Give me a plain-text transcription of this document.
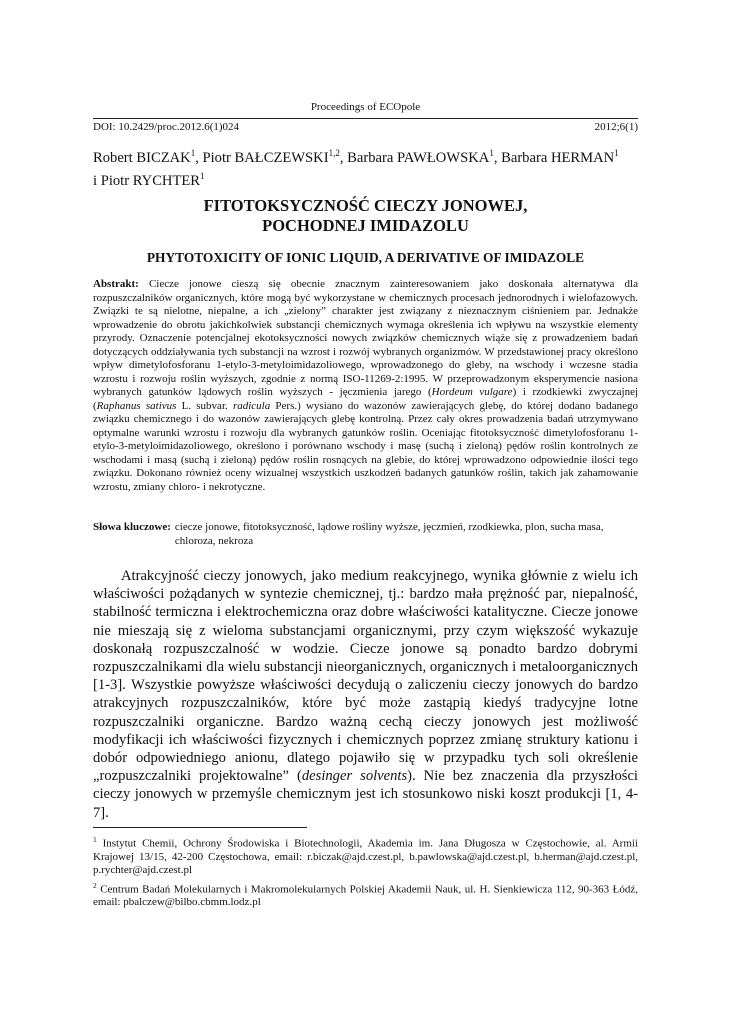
Proceedings of ECOpole
DOI: 10.2429/proc.2012.6(1)024	2012;6(1)
Robert BICZAK$^1$, Piotr BAŁCZEWSKI$^{1,2}$, Barbara PAWŁOWSKA$^1$, Barbara HERMAN$^1$
i Piotr RYCHTER$^1$
FITOTOKSYCZNOŚĆ CIECZY JONOWEJ,
POCHODNEJ IMIDAZOLU
PHYTOTOXICITY OF IONIC LIQUID, A DERIVATIVE OF IMIDAZOLE
Abstrakt: Ciecze jonowe cieszą się obecnie znacznym zainteresowaniem jako doskonała alternatywa dla rozpuszczalników organicznych, które mogą być wykorzystane w chemicznych procesach jednorodnych i wielofazowych. Związki te są nielotne, niepalne, a ich „zielony” charakter jest związany z nieznacznym ciśnieniem par. Jednakże wprowadzenie do obrotu jakichkolwiek substancji chemicznych wymaga określenia ich wpływu na wszystkie elementy przyrody. Oznaczenie potencjalnej ekotoksyczności nowych związków chemicznych wiąże się z prowadzeniem badań dotyczących oddziaływania tych substancji na wzrost i rozwój wybranych organizmów. W przedstawionej pracy określono wpływ dimetylofosforanu 1-etylo-3-metyloimidazoliowego, wprowadzonego do gleby, na wschody i wczesne stadia wzrostu i rozwoju roślin wyższych, zgodnie z normą ISO-11269-2:1995. W przeprowadzonym eksperymencie nasiona wybranych gatunków lądowych roślin wyższych - jęczmienia jarego (Hordeum vulgare) i rzodkiewki zwyczajnej (Raphanus sativus L. subvar. radicula Pers.) wysiano do wazonów zawierających glebę, do której dodano badanego związku chemicznego i do wazonów zawierających glebę kontrolną. Przez cały okres prowadzenia badań utrzymywano optymalne warunki wzrostu i rozwoju dla wybranych gatunków roślin. Oceniając fitotoksyczność dimetylofosforanu 1-etylo-3-metyloimidazoliowego, określono i porównano wschody i masę (suchą i zieloną) pędów roślin kontrolnych ze wschodami i masą (suchą i zieloną) pędów roślin rosnących na glebie, do której wprowadzono odpowiednie ilości tego związku. Dokonano również oceny wizualnej wszystkich uszkodzeń badanych gatunków roślin, takich jak zahamowanie wzrostu, zmiany chloro- i nekrotyczne.
Słowa kluczowe: ciecze jonowe, fitotoksyczność, lądowe rośliny wyższe, jęczmień, rzodkiewka, plon, sucha masa, chloroza, nekroza
Atrakcyjność cieczy jonowych, jako medium reakcyjnego, wynika głównie z wielu ich właściwości pożądanych w syntezie chemicznej, tj.: bardzo mała prężność par, niepalność, stabilność termiczna i elektrochemiczna oraz dobre właściwości katalityczne. Ciecze jonowe nie mieszają się z wieloma substancjami organicznymi, przy czym większość wykazuje doskonałą rozpuszczalność w wodzie. Ciecze jonowe są ponadto bardzo dobrymi rozpuszczalnikami dla wielu substancji nieorganicznych, organicznych i metaloorganicznych [1-3]. Wszystkie powyższe właściwości decydują o zaliczeniu cieczy jonowych do bardzo atrakcyjnych rozpuszczalników, które być może zastąpią kiedyś tradycyjne lotne rozpuszczalniki organiczne. Bardzo ważną cechą cieczy jonowych jest możliwość modyfikacji ich właściwości fizycznych i chemicznych poprzez zmianę struktury kationu i dobór odpowiedniego anionu, dlatego pojawiło się w przypadku tych soli określenie „rozpuszczalniki projektowalne” (desinger solvents). Nie bez znaczenia dla przyszłości cieczy jonowych w przemyśle chemicznym jest ich stosunkowo niski koszt produkcji [1, 4-7].

$^1$ Instytut Chemii, Ochrony Środowiska i Biotechnologii, Akademia im. Jana Długosza w Częstochowie, al. Armii Krajowej 13/15, 42-200 Częstochowa, email: r.biczak@ajd.czest.pl, b.pawlowska@ajd.czest.pl, b.herman@ajd.czest.pl, p.rychter@ajd.czest.pl

$^2$ Centrum Badań Molekularnych i Makromolekularnych Polskiej Akademii Nauk, ul. H. Sienkiewicza 112, 90-363 Łódź, email: pbalczew@bilbo.cbmm.lodz.pl
